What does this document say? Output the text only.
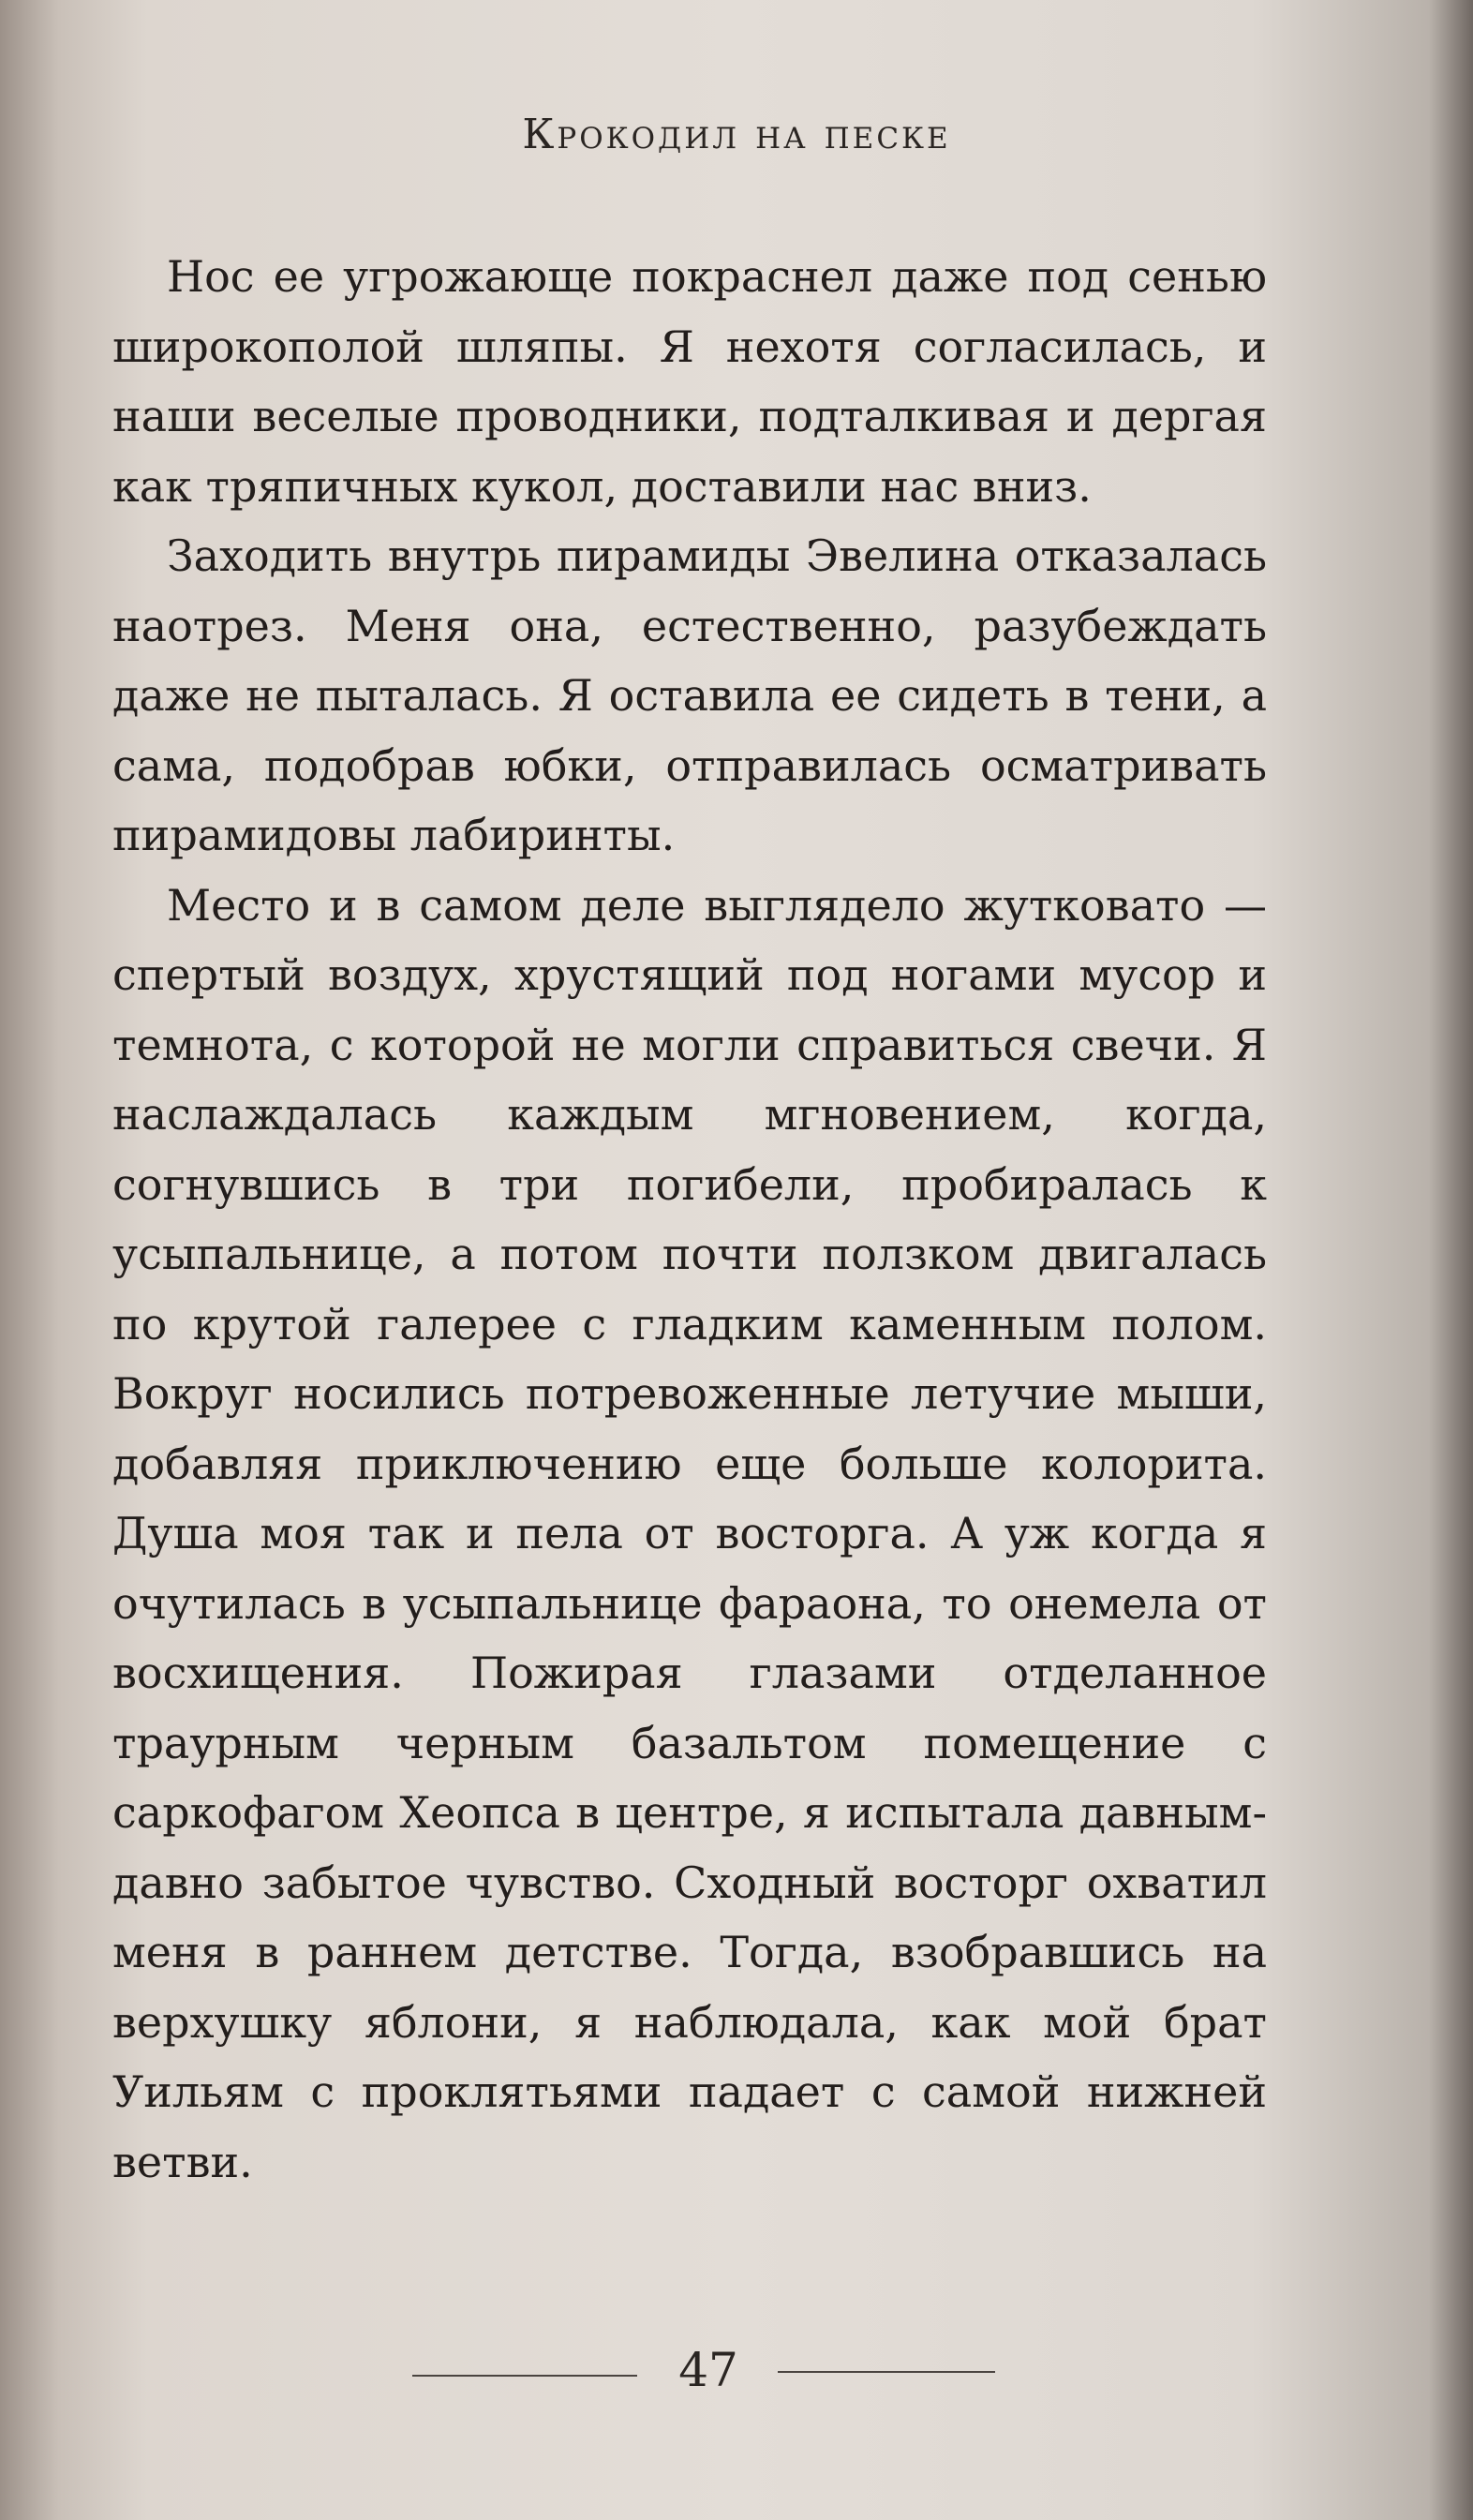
Крокодил на песке

Нос ее угрожающе покраснел даже под сенью широкополой шляпы. Я нехотя согласилась, и наши веселые проводники, подталкивая и дергая как тряпичных кукол, доставили нас вниз.

Заходить внутрь пирамиды Эвелина отказалась наотрез. Меня она, естественно, разубеждать даже не пыталась. Я оставила ее сидеть в тени, а сама, подобрав юбки, отправилась осматривать пирамидовы лабиринты.

Место и в самом деле выглядело жутковато — спертый воздух, хрустящий под ногами мусор и темнота, с которой не могли справиться свечи. Я наслаждалась каждым мгновением, когда, согнувшись в три погибели, пробиралась к усыпальнице, а потом почти ползком двигалась по крутой галерее с гладким каменным полом. Вокруг носились потревоженные летучие мыши, добавляя приключению еще больше колорита. Душа моя так и пела от восторга. А уж когда я очутилась в усыпальнице фараона, то онемела от восхищения. Пожирая глазами отделанное траурным черным базальтом помещение с саркофагом Хеопса в центре, я испытала давным-давно забытое чувство. Сходный восторг охватил меня в раннем детстве. Тогда, взобравшись на верхушку яблони, я наблюдала, как мой брат Уильям с проклятьями падает с самой нижней ветви.

47
